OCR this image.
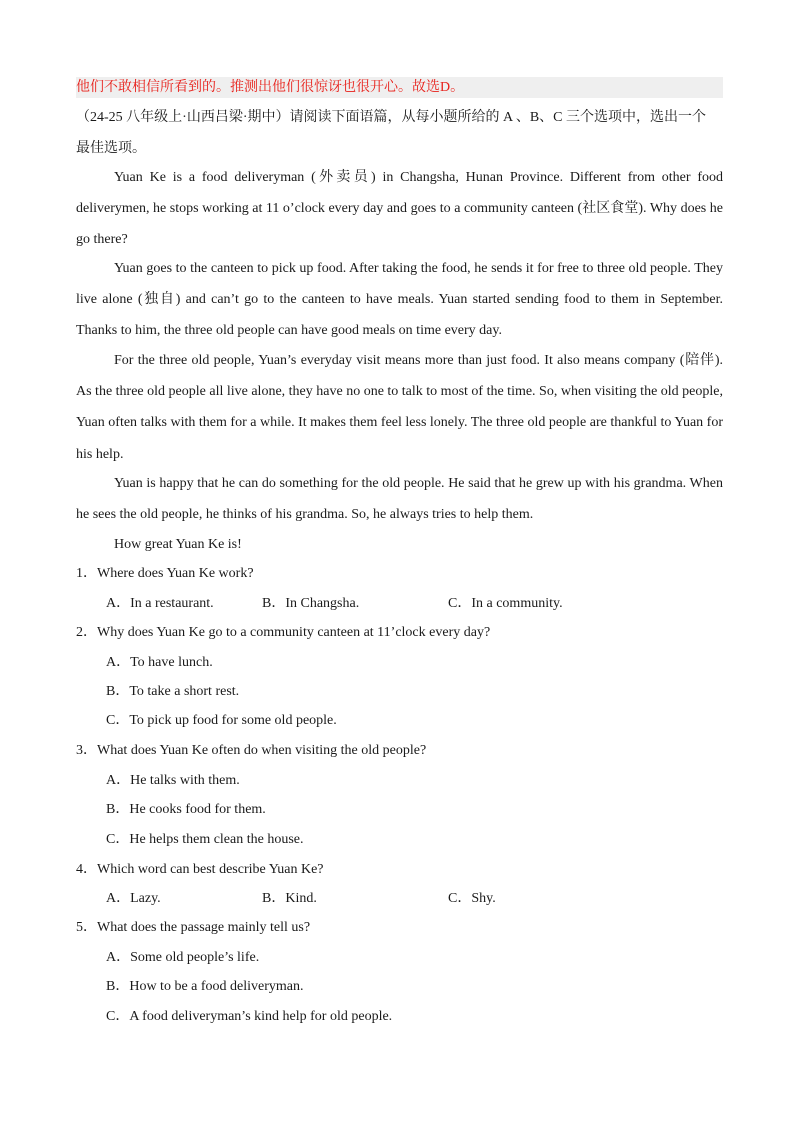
他们不敢相信所看到的。推测出他们很惊讶也很开心。故选D。
（24-25 八年级上·山西吕梁·期中）请阅读下面语篇，从每小题所给的 A 、B、C 三个选项中，选出一个
最佳选项。
Yuan Ke is a food deliveryman (外卖员) in Changsha, Hunan Province. Different from other food deliverymen, he stops working at 11 o’clock every day and goes to a community canteen (社区食堂). Why does he go there?
Yuan goes to the canteen to pick up food. After taking the food, he sends it for free to three old people. They live alone (独自) and can’t go to the canteen to have meals. Yuan started sending food to them in September. Thanks to him, the three old people can have good meals on time every day.
For the three old people, Yuan’s everyday visit means more than just food. It also means company (陪伴). As the three old people all live alone, they have no one to talk to most of the time. So, when visiting the old people, Yuan often talks with them for a while. It makes them feel less lonely. The three old people are thankful to Yuan for his help.
Yuan is happy that he can do something for the old people. He said that he grew up with his grandma. When he sees the old people, he thinks of his grandma. So, he always tries to help them.
How great Yuan Ke is!
1．Where does Yuan Ke work?
A．In a restaurant.	B．In Changsha.	C．In a community.
2．Why does Yuan Ke go to a community canteen at 11’clock every day?
A．To have lunch.
B．To take a short rest.
C．To pick up food for some old people.
3．What does Yuan Ke often do when visiting the old people?
A．He talks with them.
B．He cooks food for them.
C．He helps them clean the house.
4．Which word can best describe Yuan Ke?
A．Lazy.	B．Kind.	C．Shy.
5．What does the passage mainly tell us?
A．Some old people’s life.
B．How to be a food deliveryman.
C．A food deliveryman’s kind help for old people.
